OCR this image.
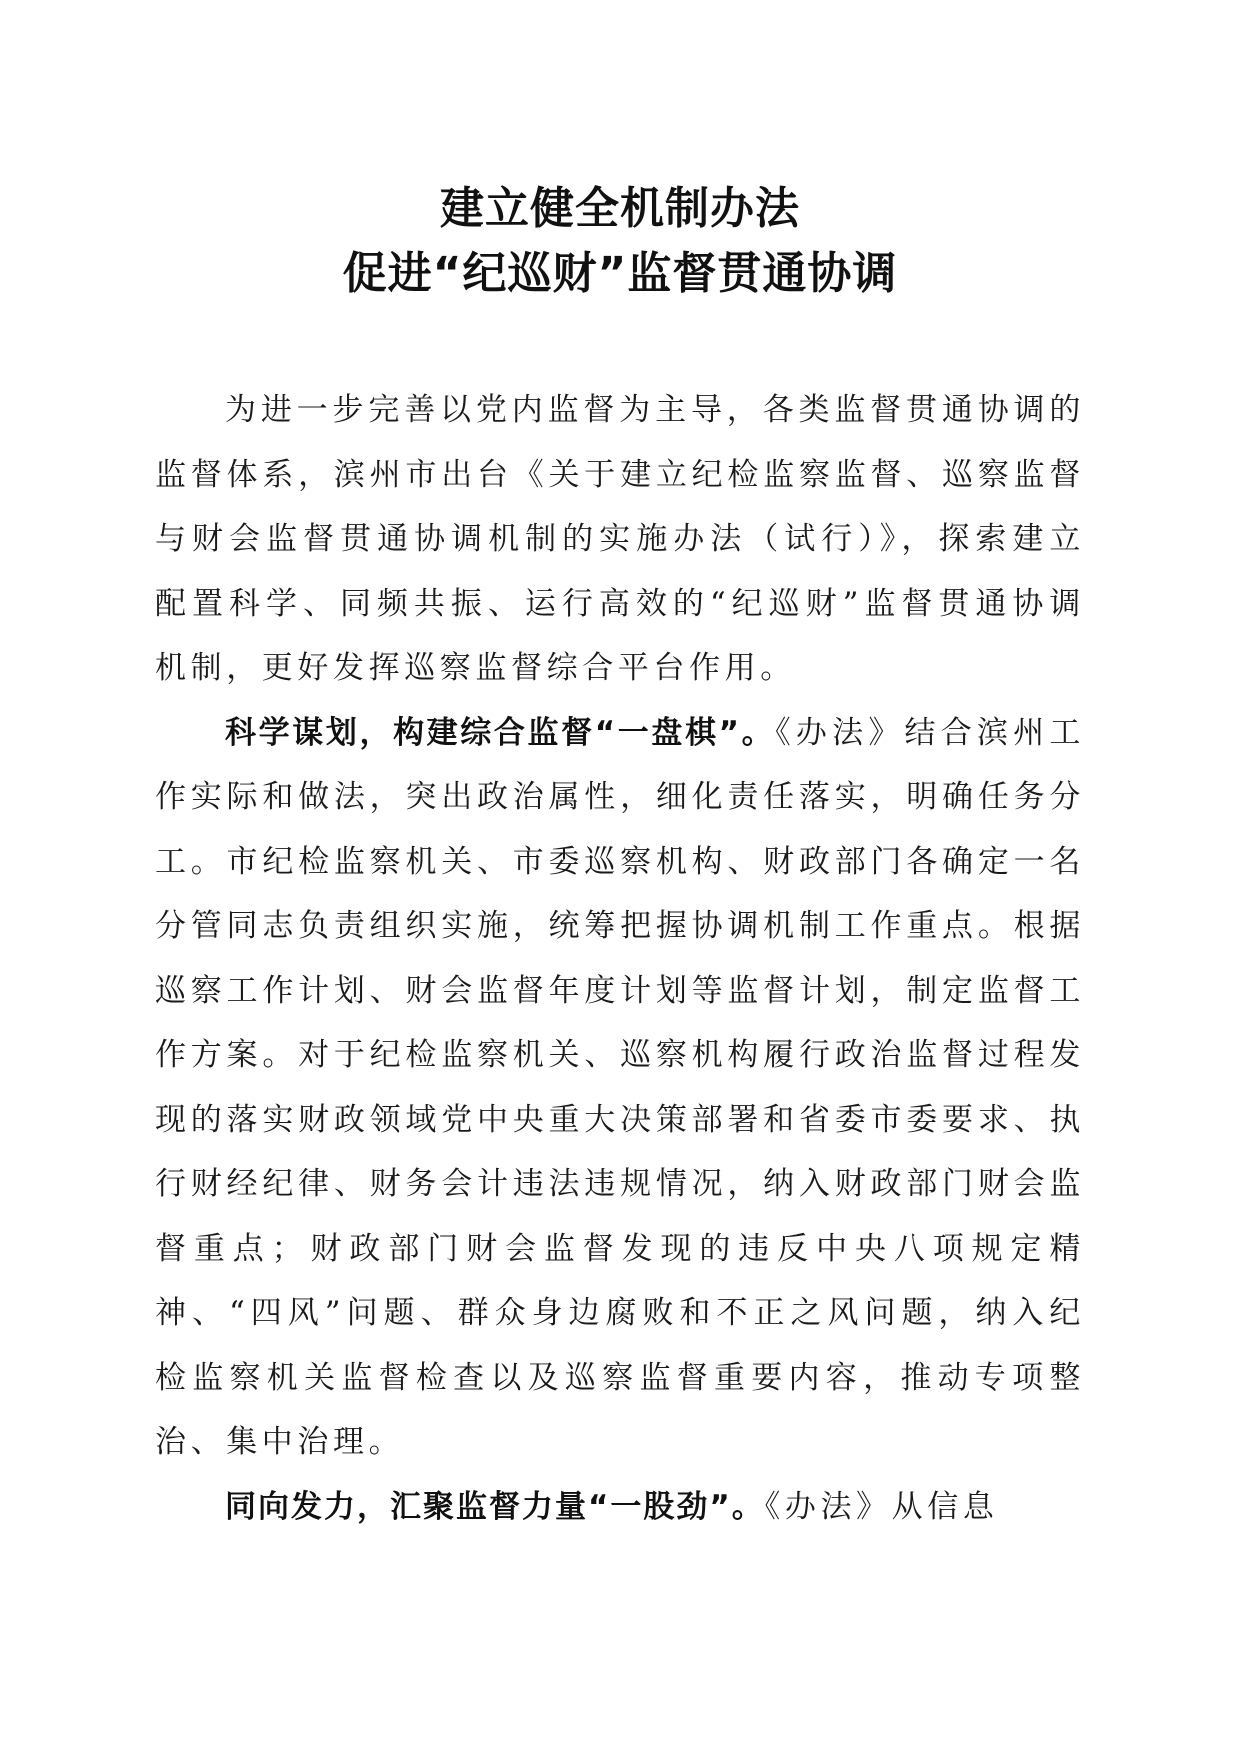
建立健全机制办法
促进“纪巡财”监督贯通协调

为进一步完善以党内监督为主导，各类监督贯通协调的监督体系，滨州市出台《关于建立纪检监察监督、巡察监督与财会监督贯通协调机制的实施办法（试行）》，探索建立配置科学、同频共振、运行高效的“纪巡财”监督贯通协调机制，更好发挥巡察监督综合平台作用。

科学谋划，构建综合监督“一盘棋”。《办法》结合滨州工作实际和做法，突出政治属性，细化责任落实，明确任务分工。市纪检监察机关、市委巡察机构、财政部门各确定一名分管同志负责组织实施，统筹把握协调机制工作重点。根据巡察工作计划、财会监督年度计划等监督计划，制定监督工作方案。对于纪检监察机关、巡察机构履行政治监督过程发现的落实财政领域党中央重大决策部署和省委市委要求、执行财经纪律、财务会计违法违规情况，纳入财政部门财会监督重点；财政部门财会监督发现的违反中央八项规定精神、“四风”问题、群众身边腐败和不正之风问题，纳入纪检监察机关监督检查以及巡察监督重要内容，推动专项整治、集中治理。

同向发力，汇聚监督力量“一股劲”。《办法》从信息
